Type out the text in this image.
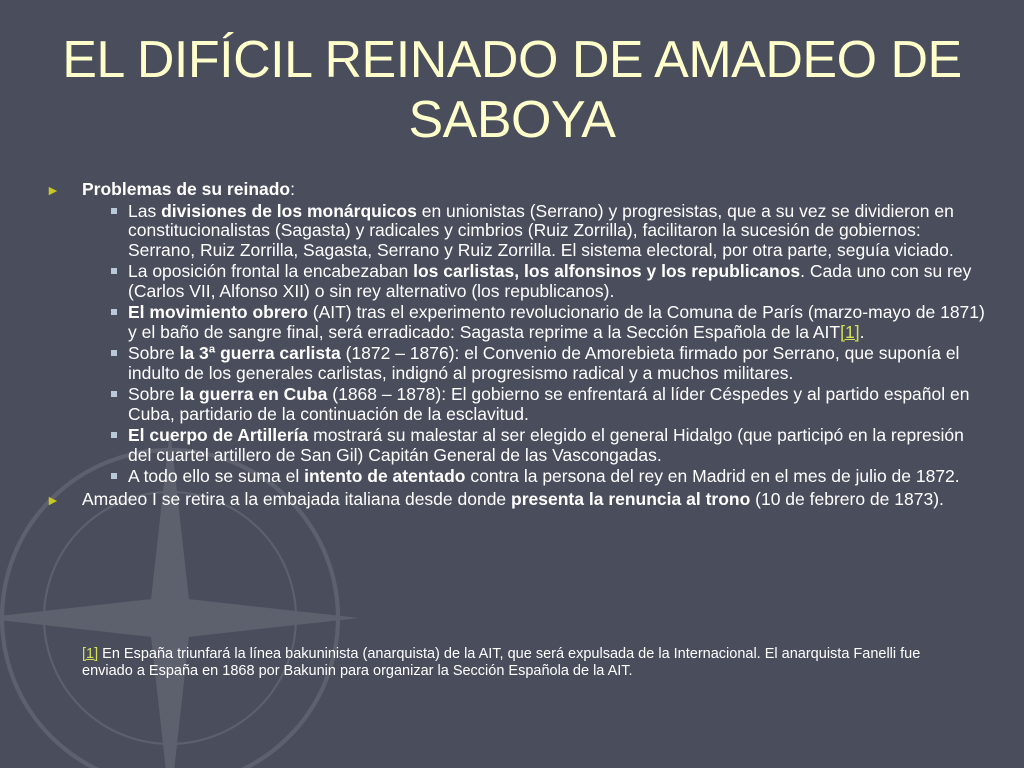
EL DIFÍCIL REINADO DE AMADEO DE SABOYA
► Problemas de su reinado:
Las divisiones de los monárquicos en unionistas (Serrano) y progresistas, que a su vez se dividieron en constitucionalistas (Sagasta) y radicales y cimbrios (Ruiz Zorrilla), facilitaron la sucesión de gobiernos: Serrano, Ruiz Zorrilla, Sagasta, Serrano y Ruiz Zorrilla. El sistema electoral, por otra parte, seguía viciado.
La oposición frontal la encabezaban los carlistas, los alfonsinos y los republicanos. Cada uno con su rey (Carlos VII, Alfonso XII) o sin rey alternativo (los republicanos).
El movimiento obrero (AIT) tras el experimento revolucionario de la Comuna de París (marzo-mayo de 1871) y el baño de sangre final, será erradicado: Sagasta reprime a la Sección Española de la AIT[1].
Sobre la 3ª guerra carlista (1872 – 1876): el Convenio de Amorebieta firmado por Serrano, que suponía el indulto de los generales carlistas, indignó al progresismo radical y a muchos militares.
Sobre la guerra en Cuba (1868 – 1878): El gobierno se enfrentará al líder Céspedes y al partido español en Cuba, partidario de la continuación de la esclavitud.
El cuerpo de Artillería mostrará su malestar al ser elegido el general Hidalgo (que participó en la represión del cuartel artillero de San Gil) Capitán General de las Vascongadas.
A todo ello se suma el intento de atentado contra la persona del rey en Madrid en el mes de julio de 1872.
► Amadeo I se retira a la embajada italiana desde donde presenta la renuncia al trono (10 de febrero de 1873).
[1] En España triunfará la línea bakuninista (anarquista) de la AIT, que será expulsada de la Internacional. El anarquista Fanelli fue enviado a España en 1868 por Bakunin para organizar la Sección Española de la AIT.
